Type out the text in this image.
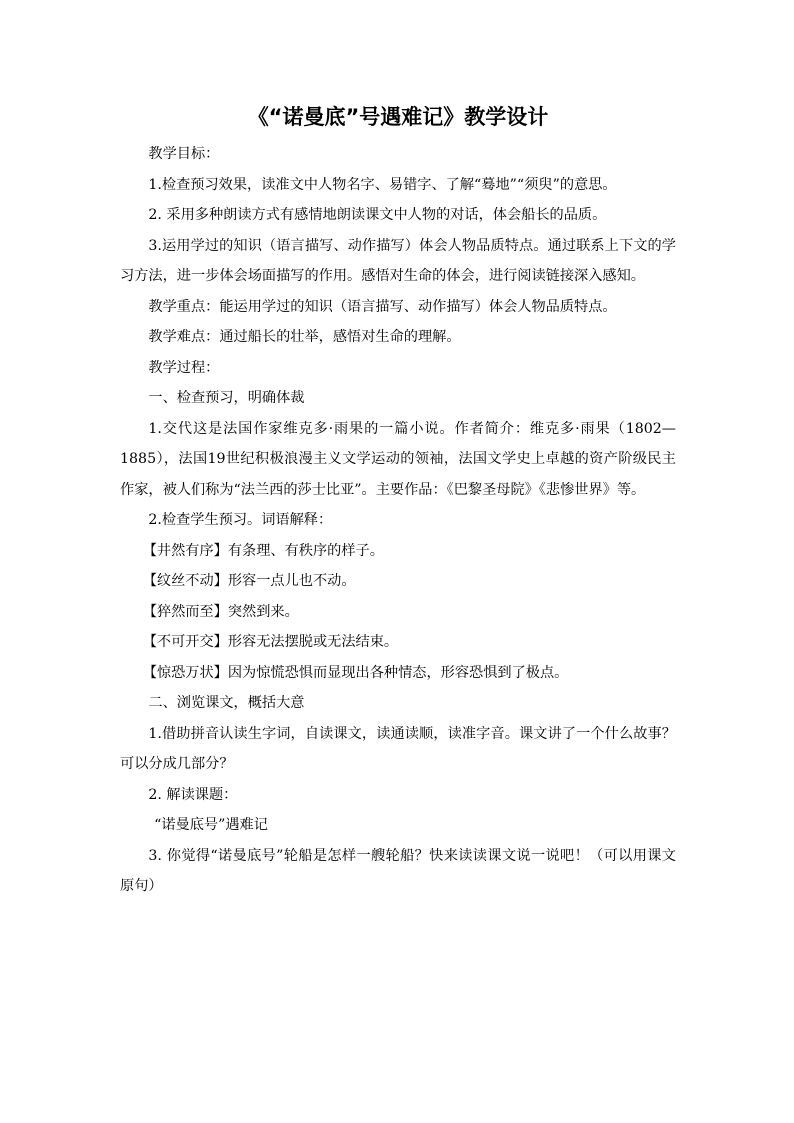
《“诺曼底”号遇难记》教学设计

教学目标：

1.检查预习效果，读准文中人物名字、易错字、了解“蓦地”“须臾”的意思。

2. 采用多种朗读方式有感情地朗读课文中人物的对话，体会船长的品质。

3.运用学过的知识（语言描写、动作描写）体会人物品质特点。通过联系上下文的学习方法，进一步体会场面描写的作用。感悟对生命的体会，进行阅读链接深入感知。

教学重点：能运用学过的知识（语言描写、动作描写）体会人物品质特点。

教学难点：通过船长的壮举，感悟对生命的理解。

教学过程：

一、检查预习，明确体裁

1.交代这是法国作家维克多·雨果的一篇小说。作者简介：维克多·雨果（1802—1885），法国19世纪积极浪漫主义文学运动的领袖，法国文学史上卓越的资产阶级民主作家，被人们称为“法兰西的莎士比亚”。主要作品：《巴黎圣母院》《悲惨世界》等。

2.检查学生预习。词语解释：

【井然有序】有条理、有秩序的样子。

【纹丝不动】形容一点儿也不动。

【猝然而至】突然到来。

【不可开交】形容无法摆脱或无法结束。

【惊恐万状】因为惊慌恐惧而显现出各种情态，形容恐惧到了极点。

二、浏览课文，概括大意

1.借助拼音认读生字词，自读课文，读通读顺，读准字音。课文讲了一个什么故事？可以分成几部分？

2. 解读课题：

“诺曼底号”遇难记

3. 你觉得“诺曼底号”轮船是怎样一艘轮船？快来读读课文说一说吧！（可以用课文原句）
